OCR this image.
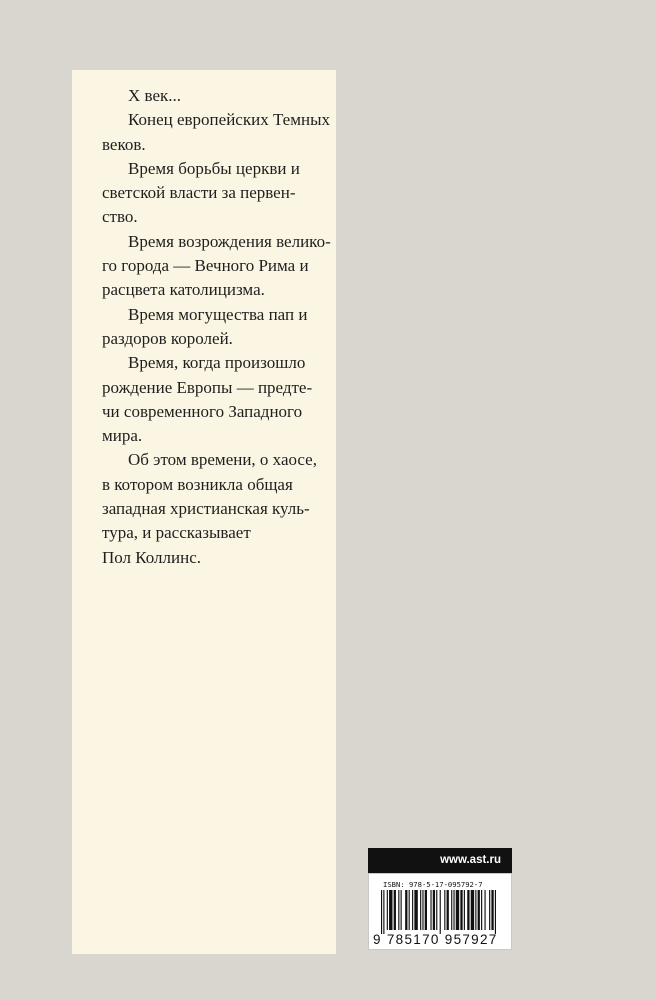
Х век...
Конец европейских Темных
веков.
Время борьбы церкви и
светской власти за первен-
ство.
Время возрождения велико-
го города — Вечного Рима и
расцвета католицизма.
Время могущества пап и
раздоров королей.
Время, когда произошло
рождение Европы — предте-
чи современного Западного
мира.
Об этом времени, о хаосе,
в котором возникла общая
западная христианская куль-
тура, и рассказывает
Пол Коллинс.
www.ast.ru
ISBN: 978-5-17-095792-7
9 785170 957927
